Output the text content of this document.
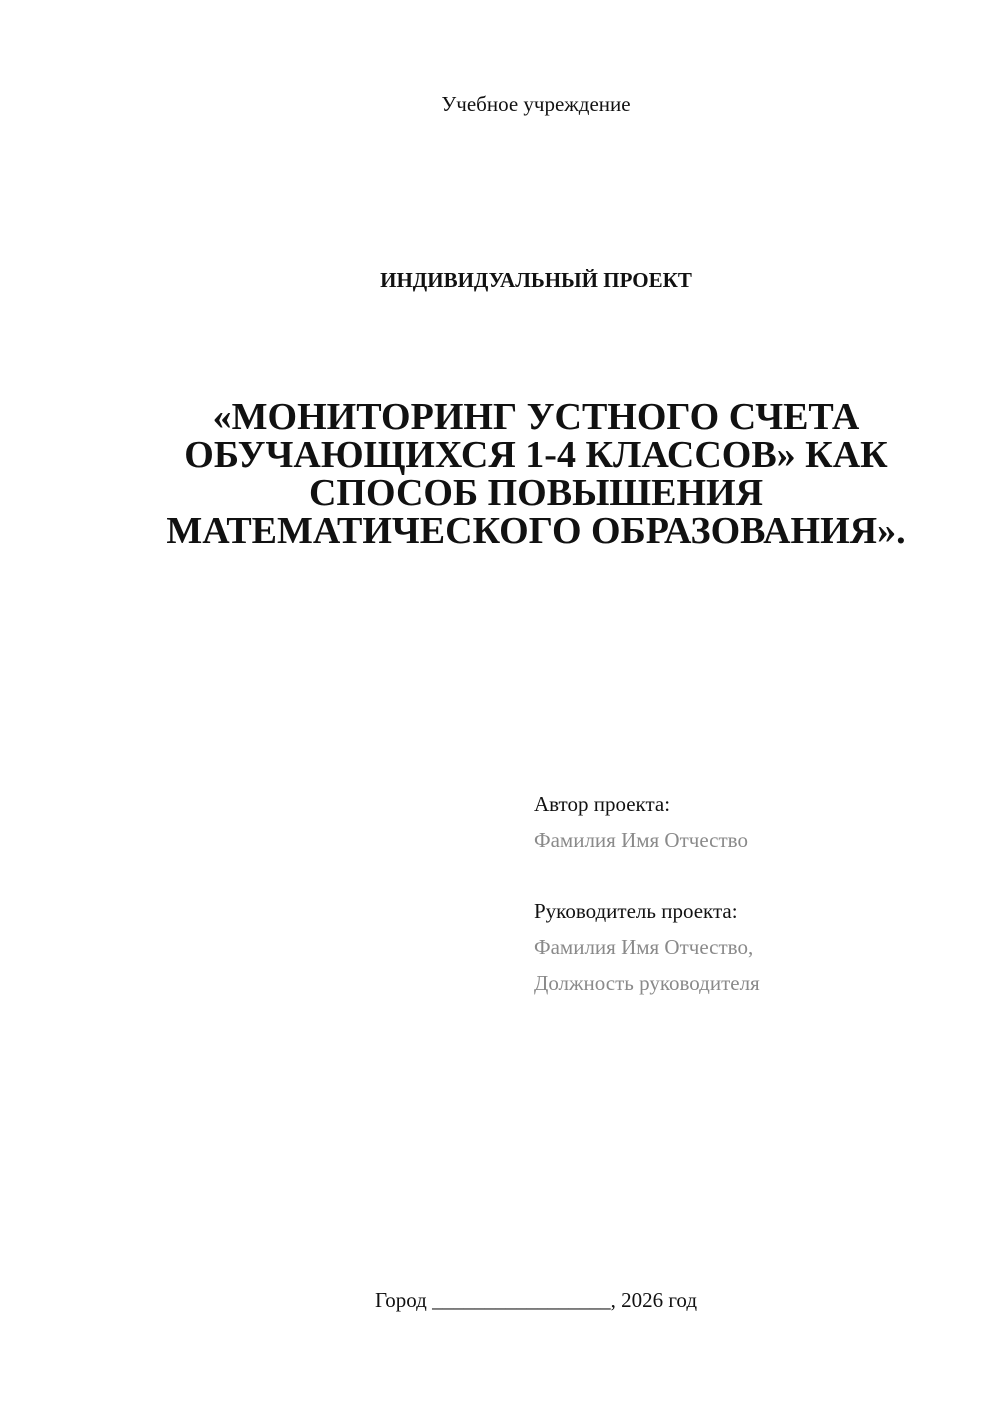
Учебное учреждение
ИНДИВИДУАЛЬНЫЙ ПРОЕКТ
«МОНИТОРИНГ УСТНОГО СЧЕТА
ОБУЧАЮЩИХСЯ 1-4 КЛАССОВ» КАК
СПОСОБ ПОВЫШЕНИЯ
МАТЕМАТИЧЕСКОГО ОБРАЗОВАНИЯ».
Автор проекта:
Фамилия Имя Отчество
Руководитель проекта:
Фамилия Имя Отчество,
Должность руководителя
Город _________________, 2026 год
